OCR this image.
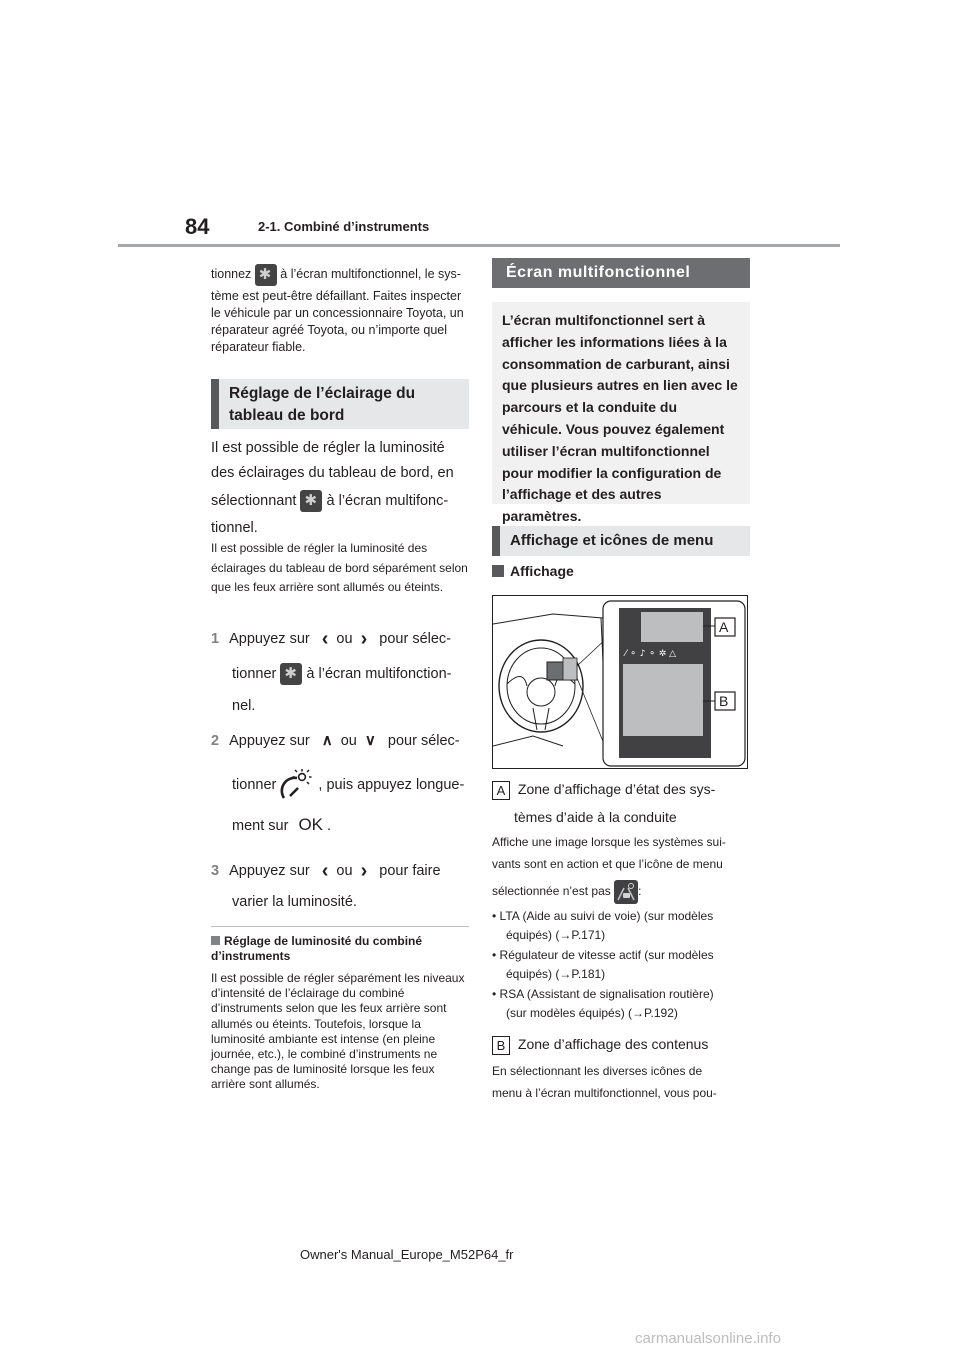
84	2-1. Combiné d’instruments

tionnez ✱ à l’écran multifonctionnel, le sys-

tème est peut-être défaillant. Faites inspecter le véhicule par un concessionnaire Toyota, un réparateur agréé Toyota, ou n’importe quel réparateur fiable.

Réglage de l’éclairage du tableau de bord

Il est possible de régler la luminosité

des éclairages du tableau de bord, en

sélectionnant ✱ à l’écran multifonc-

tionnel.

Il est possible de régler la luminosité des éclairages du tableau de bord séparément selon que les feux arrière sont allumés ou éteints.

1 Appuyez sur ‹ ou › pour sélec-
tionner ✱ à l’écran multifonction-
nel.
2 Appuyez sur ∧ ou ∨ pour sélec-
tionner	, puis appuyez longue-
ment sur OK .
3 Appuyez sur ‹ ou › pour faire
varier la luminosité.
Réglage de luminosité du combiné d’instruments

Il est possible de régler séparément les niveaux d’intensité de l’éclairage du combiné d’instruments selon que les feux arrière sont allumés ou éteints. Toutefois, lorsque la luminosité ambiante est intense (en pleine journée, etc.), le combiné d’instruments ne change pas de luminosité lorsque les feux arrière sont allumés.

Écran multifonctionnel
L’écran multifonctionnel sert à afficher les informations liées à la consommation de carburant, ainsi que plusieurs autres en lien avec le parcours et la conduite du véhicule. Vous pouvez également utiliser l’écran multifonctionnel pour modifier la configuration de l’affichage et des autres paramètres.
Affichage et icônes de menu
Affichage
⁄ ⚬ ♪ ⚬ ✲ △
A
B
A Zone d’affichage d’état des sys-
tèmes d’aide à la conduite
Affiche une image lorsque les systèmes sui-
vants sont en action et que l’icône de menu
sélectionnée n’est pas :
• LTA (Aide au suivi de voie) (sur modèles
équipés) (→P.171)
• Régulateur de vitesse actif (sur modèles
équipés) (→P.181)
• RSA (Assistant de signalisation routière)
(sur modèles équipés) (→P.192)
B Zone d’affichage des contenus
En sélectionnant les diverses icônes de
menu à l’écran multifonctionnel, vous pou-
Owner's Manual_Europe_M52P64_fr
carmanualsonline.info
